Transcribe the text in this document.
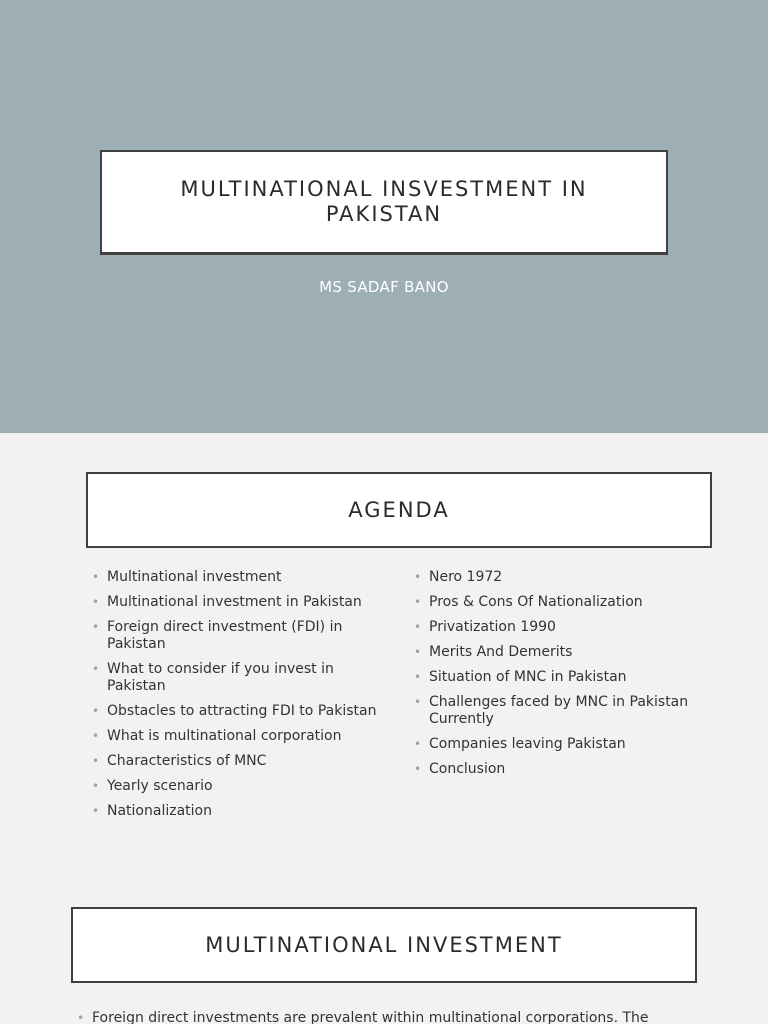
MULTINATIONAL INSVESTMENT IN PAKISTAN
MS SADAF BANO
AGENDA
• Multinational investment
• Multinational investment in Pakistan
• Foreign direct investment (FDI) in Pakistan
• What to consider if you invest in Pakistan
• Obstacles to attracting FDI to Pakistan
• What is multinational corporation
• Characteristics of MNC
• Yearly scenario
• Nationalization
• Nero 1972
• Pros & Cons Of Nationalization
• Privatization 1990
• Merits And Demerits
• Situation of MNC in Pakistan
• Challenges faced by MNC in Pakistan Currently
• Companies leaving Pakistan
• Conclusion
MULTINATIONAL INVESTMENT
• Foreign direct investments are prevalent within multinational corporations. The
